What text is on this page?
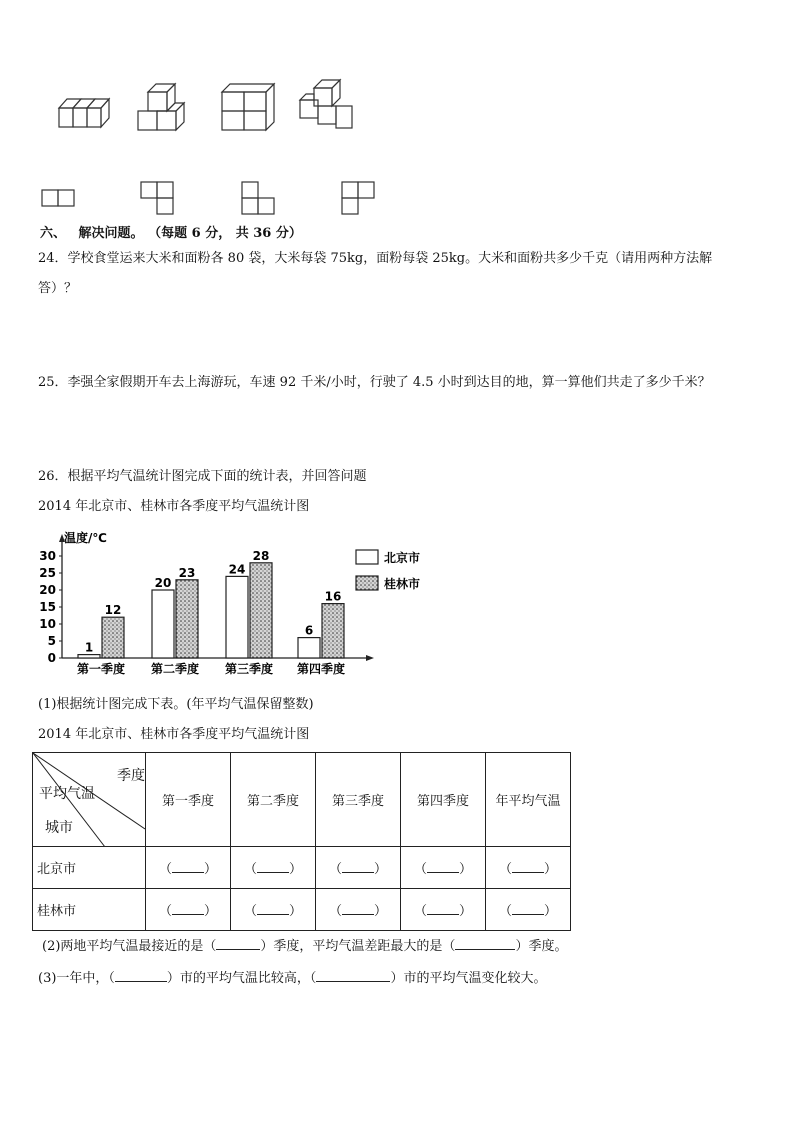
六、 解决问题。 （每题 6 分， 共 36 分）
24．学校食堂运来大米和面粉各 80 袋，大米每袋 75kg，面粉每袋 25kg。大米和面粉共多少千克（请用两种方法解
答）？
25．李强全家假期开车去上海游玩，车速 92 千米/小时，行驶了 4.5 小时到达目的地，算一算他们共走了多少千米？
26．根据平均气温统计图完成下面的统计表，并回答问题
2014 年北京市、桂林市各季度平均气温统计图
温度/℃
0
5
10
15
20
25
30
1
12
第一季度
20
23
第二季度
24
28
第三季度
6
16
第四季度
北京市
桂林市
(1)根据统计图完成下表。(年平均气温保留整数)
2014 年北京市、桂林市各季度平均气温统计图
季度
平均气温
城市	第一季度	第二季度	第三季度	第四季度	年平均气温
北京市	（ ）	（ ）	（ ）	（ ）	（ ）
桂林市	（ ）	（ ）	（ ）	（ ）	（ ）
(2)两地平均气温最接近的是（	）季度，平均气温差距最大的是（	）季度。
(3)一年中，（	）市的平均气温比较高，（	）市的平均气温变化较大。
